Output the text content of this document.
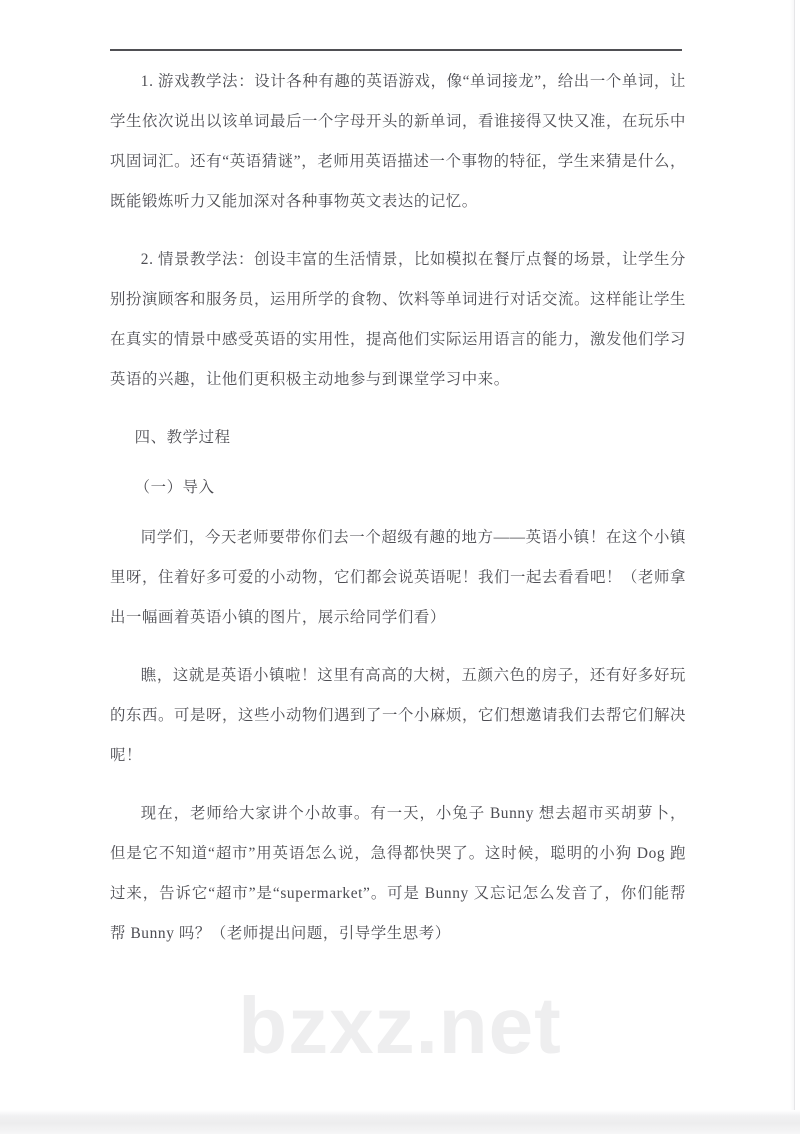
1. 游戏教学法：设计各种有趣的英语游戏，像“单词接龙”，给出一个单词，让学生依次说出以该单词最后一个字母开头的新单词，看谁接得又快又准，在玩乐中巩固词汇。还有“英语猜谜”，老师用英语描述一个事物的特征，学生来猜是什么，既能锻炼听力又能加深对各种事物英文表达的记忆。

2. 情景教学法：创设丰富的生活情景，比如模拟在餐厅点餐的场景，让学生分别扮演顾客和服务员，运用所学的食物、饮料等单词进行对话交流。这样能让学生在真实的情景中感受英语的实用性，提高他们实际运用语言的能力，激发他们学习英语的兴趣，让他们更积极主动地参与到课堂学习中来。

四、教学过程

（一）导入

同学们，今天老师要带你们去一个超级有趣的地方——英语小镇！在这个小镇里呀，住着好多可爱的小动物，它们都会说英语呢！我们一起去看看吧！（老师拿出一幅画着英语小镇的图片，展示给同学们看）

瞧，这就是英语小镇啦！这里有高高的大树，五颜六色的房子，还有好多好玩的东西。可是呀，这些小动物们遇到了一个小麻烦，它们想邀请我们去帮它们解决呢！

现在，老师给大家讲个小故事。有一天，小兔子 Bunny 想去超市买胡萝卜，但是它不知道“超市”用英语怎么说，急得都快哭了。这时候，聪明的小狗 Dog 跑过来，告诉它“超市”是“supermarket”。可是 Bunny 又忘记怎么发音了，你们能帮帮 Bunny 吗？（老师提出问题，引导学生思考）

bzxz.net
